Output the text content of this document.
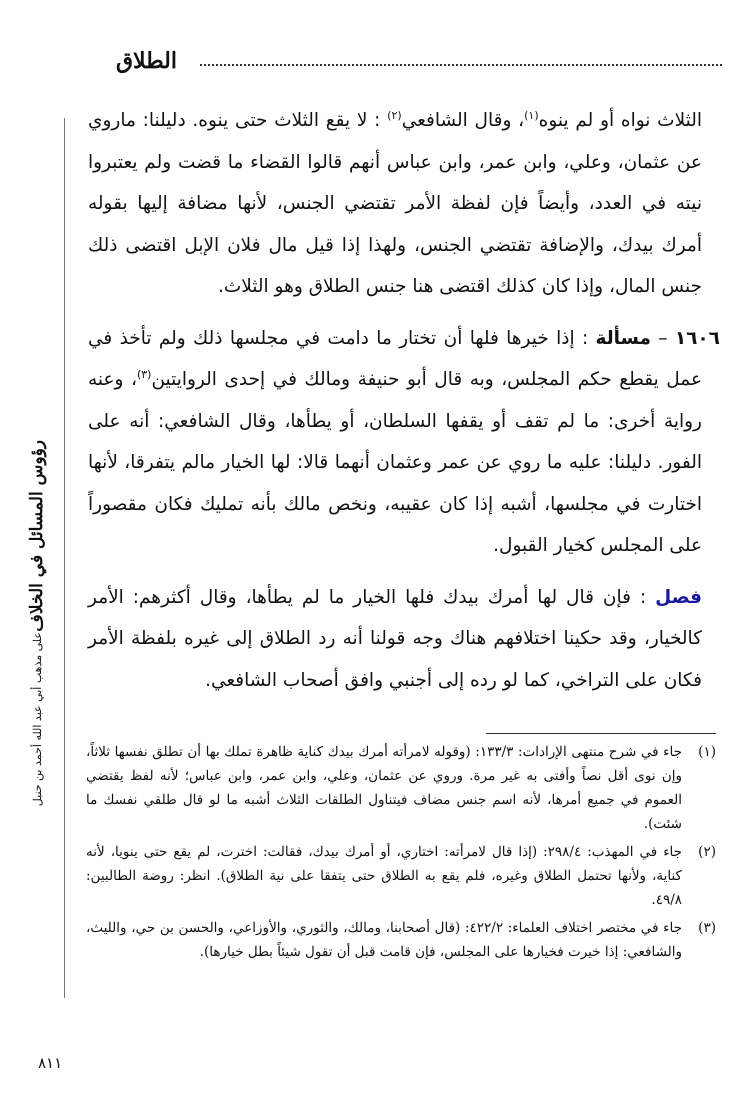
الطلاق
رؤوس المسائل في الخلاف
على مذهب أبي عبد الله أحمد بن حنبل

الثلاث نواه أو لم ينوه$^{(١)}$، وقال الشافعي$^{(٢)}$ : لا يقع الثلاث حتى ينوه. دليلنا: ماروي عن عثمان، وعلي، وابن عمر، وابن عباس أنهم قالوا القضاء ما قضت ولم يعتبروا نيته في العدد، وأيضاً فإن لفظة الأمر تقتضي الجنس، لأنها مضافة إليها بقوله أمرك بيدك، والإضافة تقتضي الجنس، ولهذا إذا قيل مال فلان الإبل اقتضى ذلك جنس المال، وإذا كان كذلك اقتضى هنا جنس الطلاق وهو الثلاث.

١٦٠٦ – مسألة : إذا خيرها فلها أن تختار ما دامت في مجلسها ذلك ولم تأخذ في عمل يقطع حكم المجلس، وبه قال أبو حنيفة ومالك في إحدى الروايتين$^{(٣)}$، وعنه رواية أخرى: ما لم تقف أو يقفها السلطان، أو يطأها، وقال الشافعي: أنه على الفور. دليلنا: عليه ما روي عن عمر وعثمان أنهما قالا: لها الخيار مالم يتفرقا، لأنها اختارت في مجلسها، أشبه إذا كان عقيبه، ونخص مالك بأنه تمليك فكان مقصوراً على المجلس كخيار القبول.

فصل : فإن قال لها أمرك بيدك فلها الخيار ما لم يطأها، وقال أكثرهم: الأمر كالخيار، وقد حكينا اختلافهم هناك وجه قولنا أنه رد الطلاق إلى غيره بلفظة الأمر فكان على التراخي، كما لو رده إلى أجنبي وافق أصحاب الشافعي.

(١)
جاء في شرح منتهى الإرادات: ١٣٣/٣: (وقوله لامرأته أمرك بيدك كناية ظاهرة تملك بها أن تطلق نفسها ثلاثاً، وإن نوى أقل نصاً وأفتى به غير مرة. وروي عن عثمان، وعلي، وابن عمر، وابن عباس؛ لأنه لفظ يقتضي العموم في جميع أمرها، لأنه اسم جنس مضاف فيتناول الطلقات الثلاث أشبه ما لو قال طلقي نفسك ما شئت).
(٢)
جاء في المهذب: ٢٩٨/٤: (إذا قال لامرأته: اختاري، أو أمرك بيدك، فقالت: اخترت، لم يقع حتى ينويا، لأنه كناية، ولأنها تحتمل الطلاق وغيره، فلم يقع به الطلاق حتى يتفقا على نية الطلاق). انظر: روضة الطالبين: ٤٩/٨.
(٣)
جاء في مختصر اختلاف العلماء: ٤٢٢/٢: (قال أصحابنا، ومالك، والثوري، والأوزاعي، والحسن بن حي، والليث، والشافعي: إذا خيرت فخيارها على المجلس، فإن قامت قبل أن تقول شيئاً بطل خيارها).

٨١١
